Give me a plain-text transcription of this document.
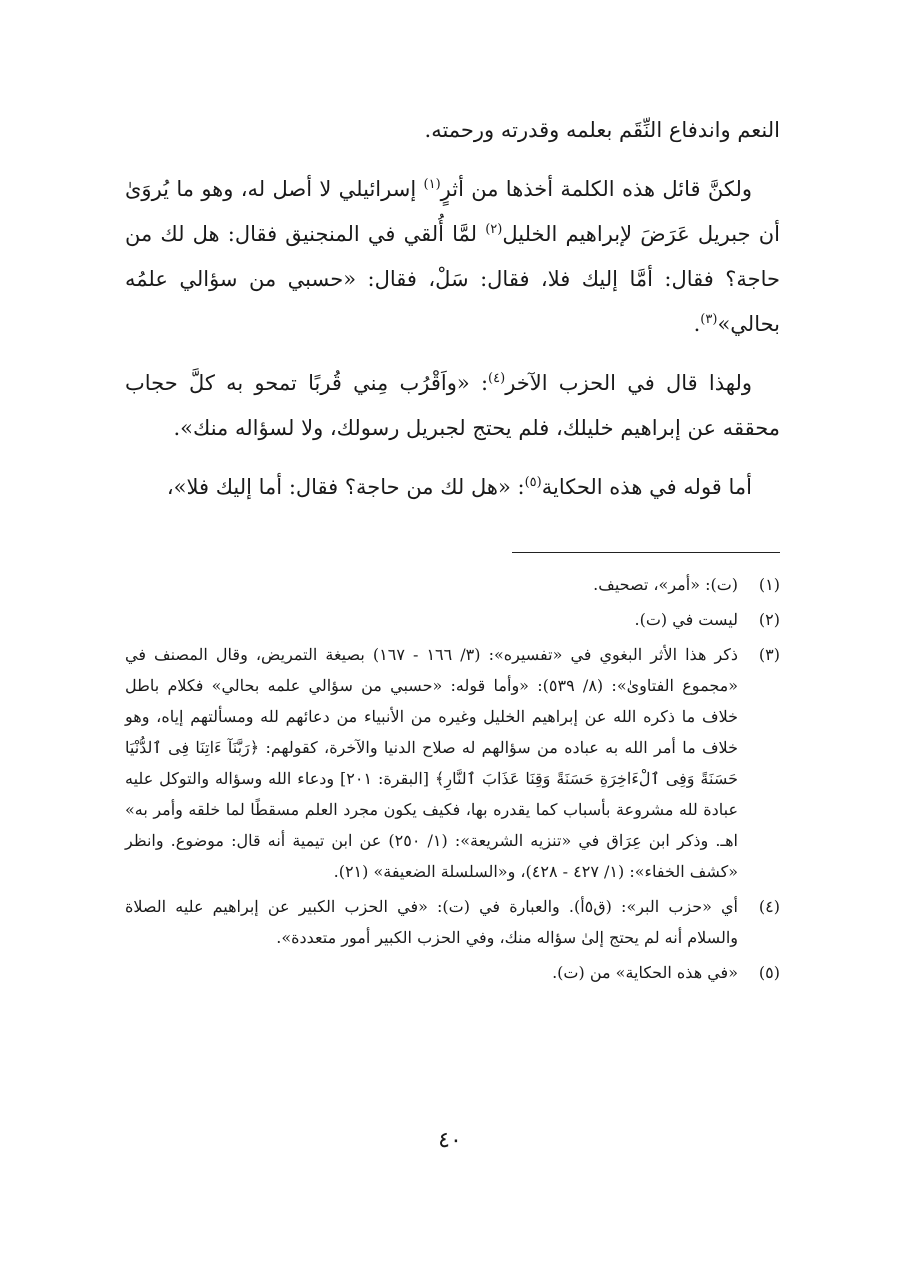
النعم واندفاع النِّقَم بعلمه وقدرته ورحمته.

ولكنَّ قائل هذه الكلمة أخذها من أثرٍ$^{(١)}$ إسرائيلي لا أصل له، وهو ما يُروَىٰ أن جبريل عَرَضَ لإبراهيم الخليل$^{(٢)}$ لمَّا أُلقي في المنجنيق فقال: هل لك من حاجة؟ فقال: أمَّا إليك فلا، فقال: سَلْ، فقال: «حسبي من سؤالي علمُه بحالي»$^{(٣)}$.

ولهذا قال في الحزب الآخر$^{(٤)}$: «واَقْرُب مِني قُربًا تمحو به كلَّ حجاب محققه عن إبراهيم خليلك، فلم يحتج لجبريل رسولك، ولا لسؤاله منك».

أما قوله في هذه الحكاية$^{(٥)}$: «هل لك من حاجة؟ فقال: أما إليك فلا»،

(١)
(ت): «أمر»، تصحيف.
(٢)
ليست في (ت).
(٣)
ذكر هذا الأثر البغوي في «تفسيره»: (٣/ ١٦٦ - ١٦٧) بصيغة التمريض، وقال المصنف في «مجموع الفتاوىٰ»: (٨/ ٥٣٩): «وأما قوله: «حسبي من سؤالي علمه بحالي» فكلام باطل خلاف ما ذكره الله عن إبراهيم الخليل وغيره من الأنبياء من دعائهم لله ومسألتهم إياه، وهو خلاف ما أمر الله به عباده من سؤالهم له صلاح الدنيا والآخرة، كقولهم: ﴿رَبَّنَآ ءَاتِنَا فِى ٱلدُّنْيَا حَسَنَةً وَفِى ٱلْءَاخِرَةِ حَسَنَةً وَقِنَا عَذَابَ ٱلنَّارِ﴾ [البقرة: ٢٠١] ودعاء الله وسؤاله والتوكل عليه عبادة لله مشروعة بأسباب كما يقدره بها، فكيف يكون مجرد العلم مسقطًا لما خلقه وأمر به» اهـ. وذكر ابن عِرَاق في «تنزيه الشريعة»: (١/ ٢٥٠) عن ابن تيمية أنه قال: موضوع. وانظر «كشف الخفاء»: (١/ ٤٢٧ - ٤٢٨)، و«السلسلة الضعيفة» (٢١).
(٤)
أي «حزب البر»: (ق٥أ). والعبارة في (ت): «في الحزب الكبير عن إبراهيم عليه الصلاة والسلام أنه لم يحتج إلىٰ سؤاله منك، وفي الحزب الكبير أمور متعددة».
(٥)
«في هذه الحكاية» من (ت).
٤٠
